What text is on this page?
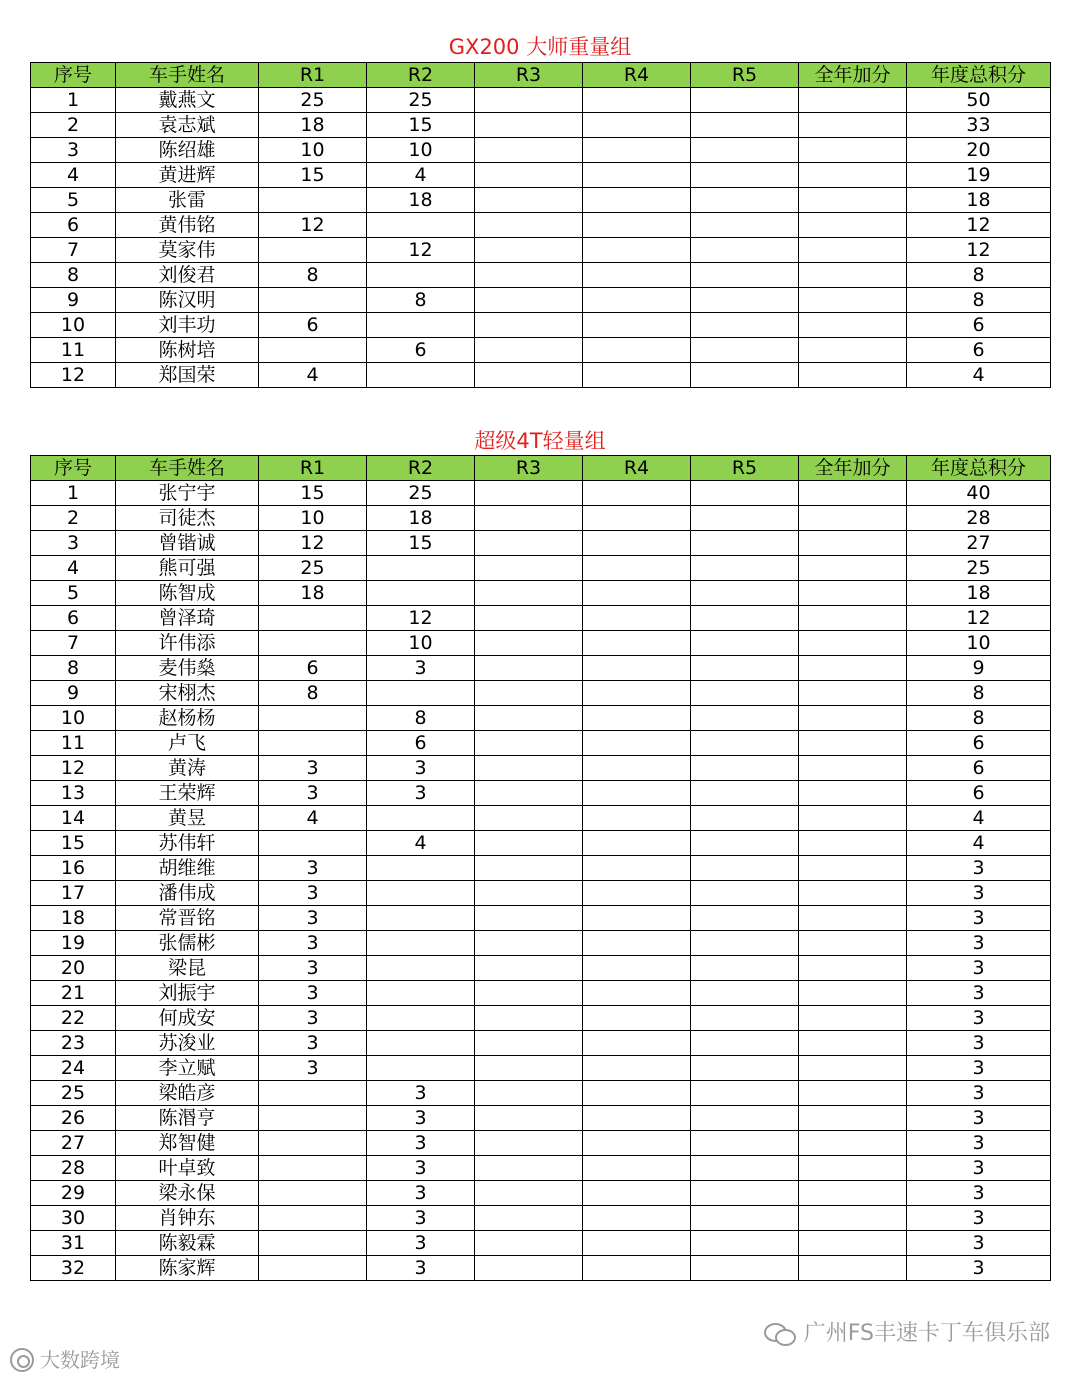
GX200 大师重量组
序号	车手姓名	R1	R2	R3	R4	R5	全年加分	年度总积分
1	戴燕文	25	25					50
2	袁志斌	18	15					33
3	陈绍雄	10	10					20
4	黄进辉	15	4					19
5	张雷		18					18
6	黄伟铭	12						12
7	莫家伟		12					12
8	刘俊君	8						8
9	陈汉明		8					8
10	刘丰功	6						6
11	陈树培		6					6
12	郑国荣	4						4
超级4T轻量组
序号	车手姓名	R1	R2	R3	R4	R5	全年加分	年度总积分
1	张宁宇	15	25					40
2	司徒杰	10	18					28
3	曾锴诚	12	15					27
4	熊可强	25						25
5	陈智成	18						18
6	曾泽琦		12					12
7	许伟添		10					10
8	麦伟燊	6	3					9
9	宋栩杰	8						8
10	赵杨杨		8					8
11	卢飞		6					6
12	黄涛	3	3					6
13	王荣辉	3	3					6
14	黄昱	4						4
15	苏伟轩		4					4
16	胡维维	3						3
17	潘伟成	3						3
18	常晋铭	3						3
19	张儒彬	3						3
20	梁昆	3						3
21	刘振宇	3						3
22	何成安	3						3
23	苏浚业	3						3
24	李立赋	3						3
25	梁皓彦		3					3
26	陈湣亨		3					3
27	郑智健		3					3
28	叶卓致		3					3
29	梁永保		3					3
30	肖钟东		3					3
31	陈毅霖		3					3
32	陈家辉		3					3
广州FS丰速卡丁车俱乐部
大数跨境
